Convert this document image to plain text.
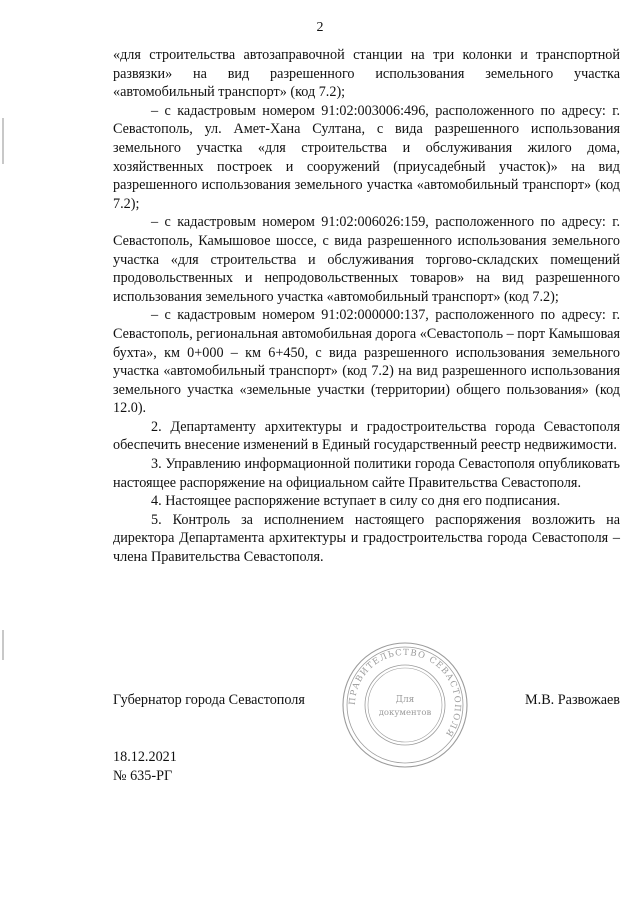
2

«для строительства автозаправочной станции на три колонки и транспортной развязки» на вид разрешенного использования земельного участка «автомобильный транспорт» (код 7.2);

– с кадастровым номером 91:02:003006:496, расположенного по адресу: г. Севастополь, ул. Амет-Хана Султана, с вида разрешенного использования земельного участка «для строительства и обслуживания жилого дома, хозяйственных построек и сооружений (приусадебный участок)» на вид разрешенного использования земельного участка «автомобильный транспорт» (код 7.2);

– с кадастровым номером 91:02:006026:159, расположенного по адресу: г. Севастополь, Камышовое шоссе, с вида разрешенного использования земельного участка «для строительства и обслуживания торгово-складских помещений продовольственных и непродовольственных товаров» на вид разрешенного использования земельного участка «автомобильный транспорт» (код 7.2);

– с кадастровым номером 91:02:000000:137, расположенного по адресу: г. Севастополь, региональная автомобильная дорога «Севастополь – порт Камышовая бухта», км 0+000 – км 6+450, с вида разрешенного использования земельного участка «автомобильный транспорт» (код 7.2) на вид разрешенного использования земельного участка «земельные участки (территории) общего пользования» (код 12.0).

2. Департаменту архитектуры и градостроительства города Севастополя обеспечить внесение изменений в Единый государственный реестр недвижимости.

3. Управлению информационной политики города Севастополя опубликовать настоящее распоряжение на официальном сайте Правительства Севастополя.

4. Настоящее распоряжение вступает в силу со дня его подписания.

5. Контроль за исполнением настоящего распоряжения возложить на директора Департамента архитектуры и градостроительства города Севастополя – члена Правительства Севастополя.

ПРАВИТЕЛЬСТВО СЕВАСТОПОЛЯ
Для
документов
Губернатор города Севастополя	М.В. Развожаев
18.12.2021
№ 635-РГ
